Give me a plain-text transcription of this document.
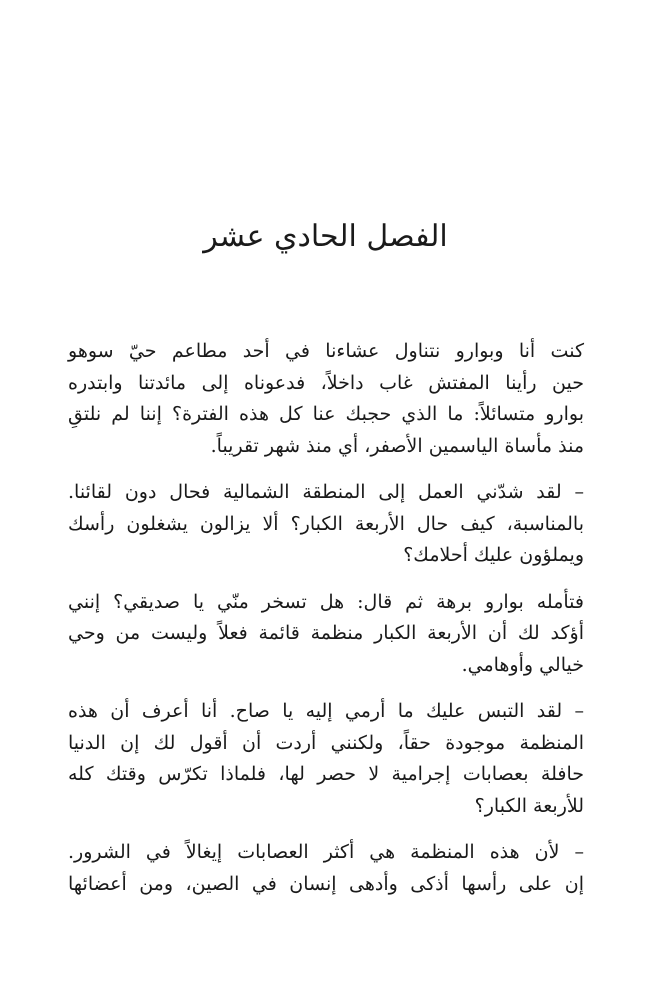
الفصل الحادي عشر

كنت أنا وبوارو نتناول عشاءنا في أحد مطاعم حيّ سوهو
حين رأينا المفتش غاب داخلاً، فدعوناه إلى مائدتنا وابتدره
بوارو متسائلاً: ما الذي حجبك عنا كل هذه الفترة؟ إننا لم نلتقِ
منذ مأساة الياسمين الأصفر، أي منذ شهر تقريباً.

– لقد شدّني العمل إلى المنطقة الشمالية فحال دون لقائنا.
بالمناسبة، كيف حال الأربعة الكبار؟ ألا يزالون يشغلون رأسك
ويملؤون عليك أحلامك؟

فتأمله بوارو برهة ثم قال: هل تسخر منّي يا صديقي؟ إنني
أؤكد لك أن الأربعة الكبار منظمة قائمة فعلاً وليست من وحي
خيالي وأوهامي.

– لقد التبس عليك ما أرمي إليه يا صاح. أنا أعرف أن هذه
المنظمة موجودة حقاً، ولكنني أردت أن أقول لك إن الدنيا
حافلة بعصابات إجرامية لا حصر لها، فلماذا تكرّس وقتك كله
للأربعة الكبار؟

– لأن هذه المنظمة هي أكثر العصابات إيغالاً في الشرور.
إن على رأسها أذكى وأدهى إنسان في الصين، ومن أعضائها
